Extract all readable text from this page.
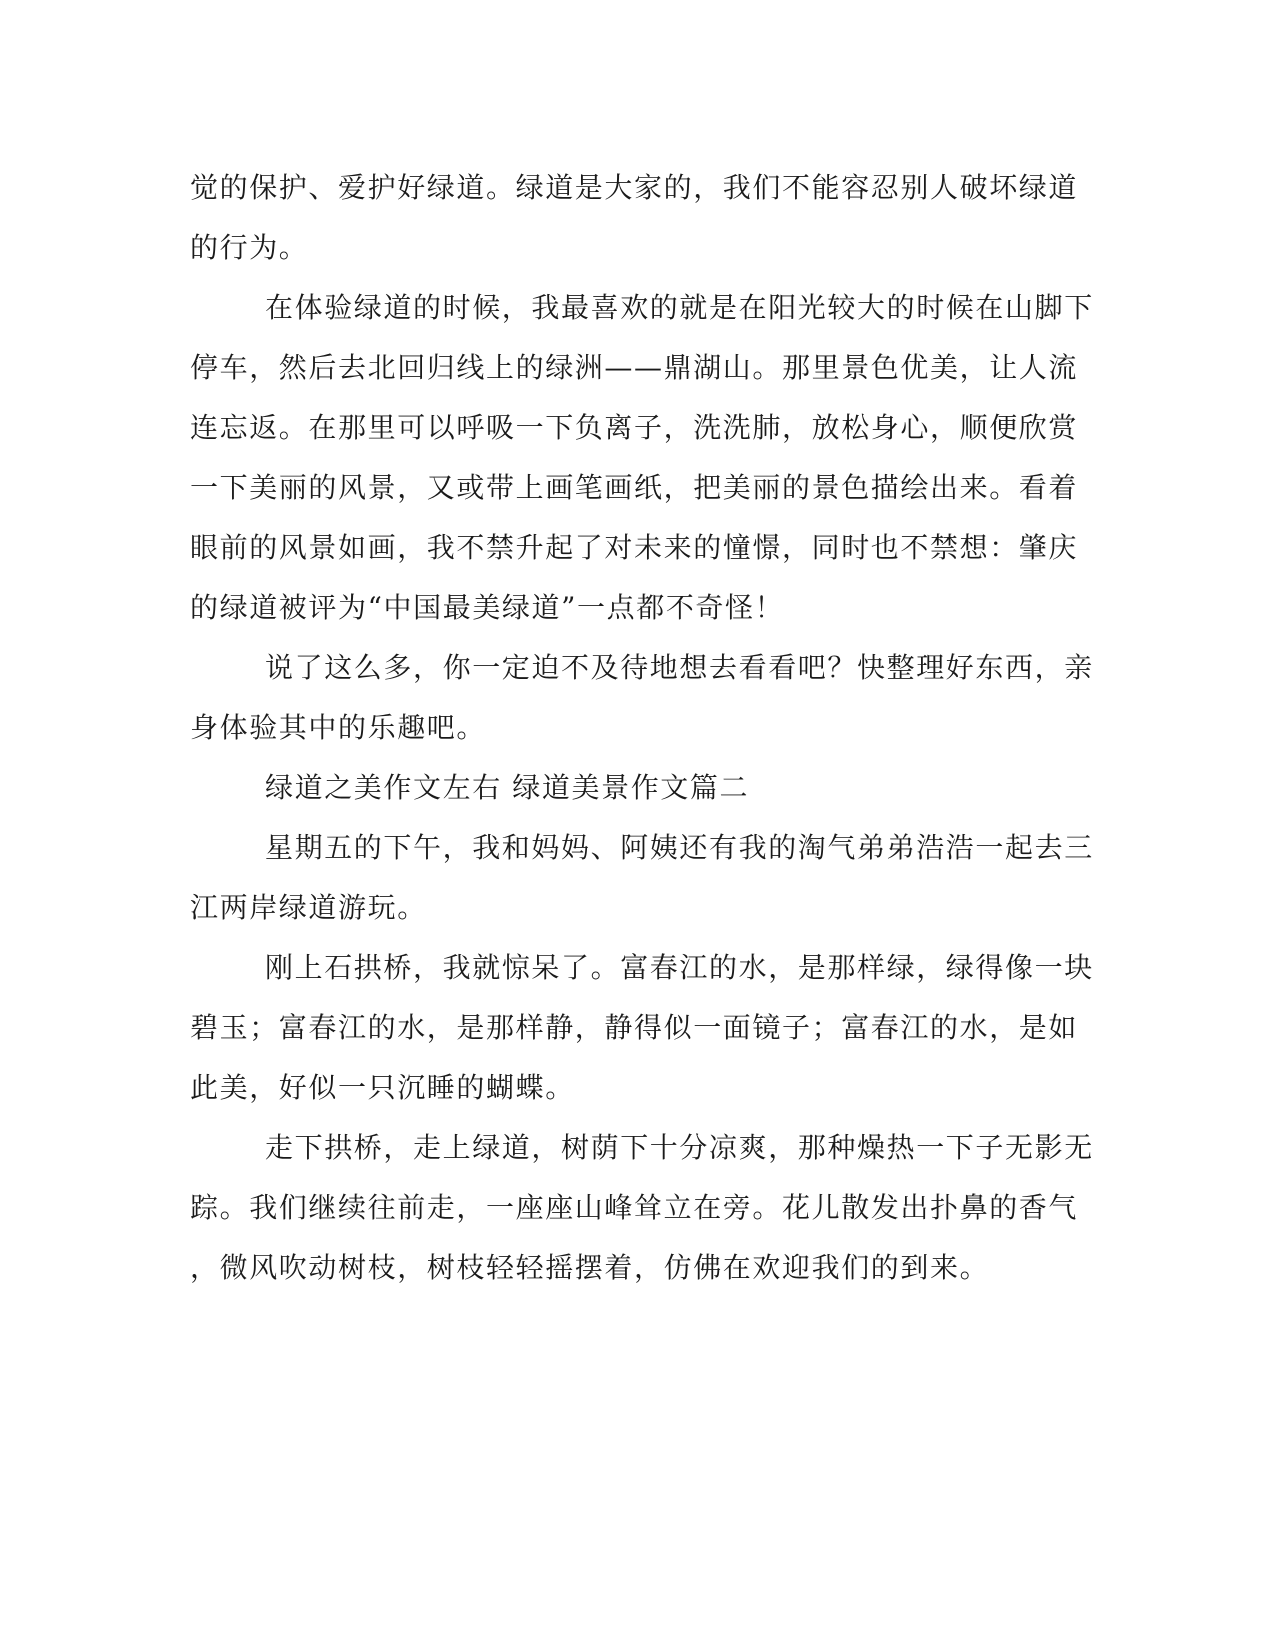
觉的保护、爱护好绿道。绿道是大家的，我们不能容忍别人破坏绿道
的行为。
在体验绿道的时候，我最喜欢的就是在阳光较大的时候在山脚下
停车，然后去北回归线上的绿洲——鼎湖山。那里景色优美，让人流
连忘返。在那里可以呼吸一下负离子，洗洗肺，放松身心，顺便欣赏
一下美丽的风景，又或带上画笔画纸，把美丽的景色描绘出来。看着
眼前的风景如画，我不禁升起了对未来的憧憬，同时也不禁想：肇庆
的绿道被评为“中国最美绿道”一点都不奇怪！
说了这么多，你一定迫不及待地想去看看吧？快整理好东西，亲
身体验其中的乐趣吧。
绿道之美作文左右 绿道美景作文篇二
星期五的下午，我和妈妈、阿姨还有我的淘气弟弟浩浩一起去三
江两岸绿道游玩。
刚上石拱桥，我就惊呆了。富春江的水，是那样绿，绿得像一块
碧玉；富春江的水，是那样静，静得似一面镜子；富春江的水，是如
此美，好似一只沉睡的蝴蝶。
走下拱桥，走上绿道，树荫下十分凉爽，那种燥热一下子无影无
踪。我们继续往前走，一座座山峰耸立在旁。花儿散发出扑鼻的香气
，微风吹动树枝，树枝轻轻摇摆着，仿佛在欢迎我们的到来。
